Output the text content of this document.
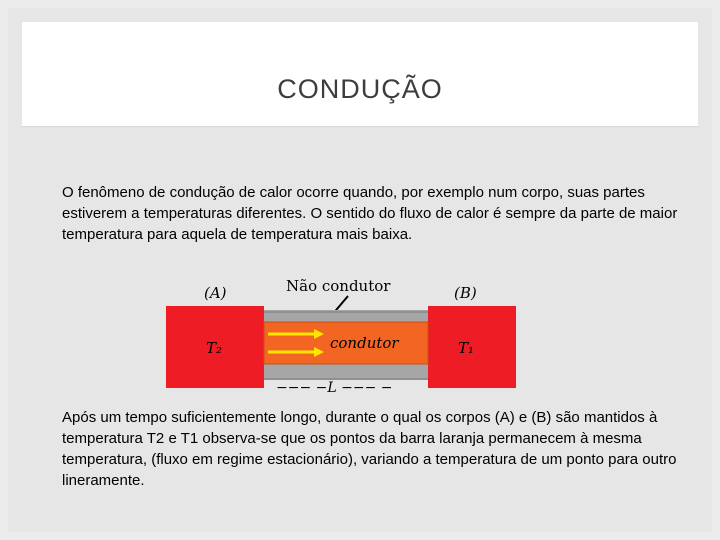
CONDUÇÃO

O fenômeno de condução de calor ocorre quando, por exemplo num corpo, suas partes estiverem a temperaturas diferentes. O sentido do fluxo de calor é sempre da parte de maior temperatura para aquela de temperatura mais baixa.

(A)	Não condutor	(B)
condutor
T₂	T₁
−−− −L −−− −

Após um tempo suficientemente longo, durante o qual os corpos (A) e (B) são mantidos à temperatura T2 e T1 observa-se que os pontos da barra laranja permanecem à mesma temperatura, (fluxo em regime estacionário), variando a temperatura de um ponto para outro lineramente.
